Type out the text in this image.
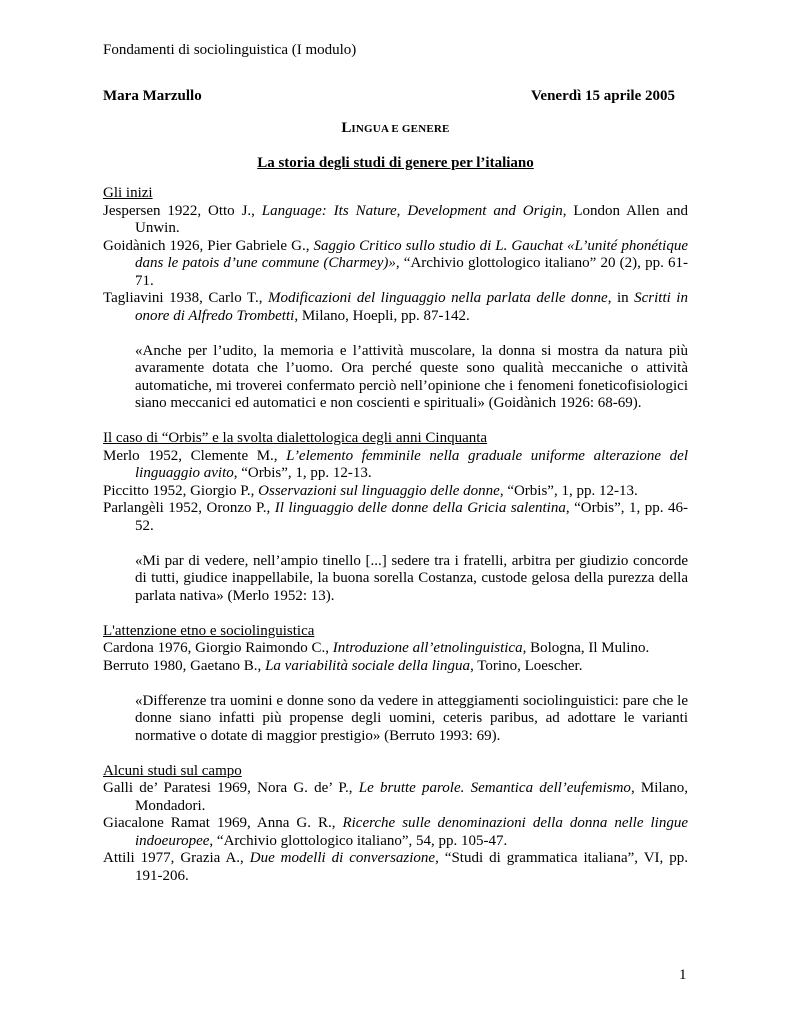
Fondamenti di sociolinguistica (I modulo)
Mara Marzullo	Venerdì 15 aprile 2005
LINGUA E GENERE
La storia degli studi di genere per l’italiano

Gli inizi

Jespersen 1922, Otto J., Language: Its Nature, Development and Origin, London Allen and Unwin.

Goidànich 1926, Pier Gabriele G., Saggio Critico sullo studio di L. Gauchat «L’unité phonétique dans le patois d’une commune (Charmey)», “Archivio glottologico italiano” 20 (2), pp. 61-71.

Tagliavini 1938, Carlo T., Modificazioni del linguaggio nella parlata delle donne, in Scritti in onore di Alfredo Trombetti, Milano, Hoepli, pp. 87-142.

«Anche per l’udito, la memoria e l’attività muscolare, la donna si mostra da natura più avaramente dotata che l’uomo. Ora perché queste sono qualità meccaniche o attività automatiche, mi troverei confermato perciò nell’opinione che i fenomeni foneticofisiologici siano meccanici ed automatici e non coscienti e spirituali» (Goidànich 1926: 68-69).

Il caso di “Orbis” e la svolta dialettologica degli anni Cinquanta

Merlo 1952, Clemente M., L’elemento femminile nella graduale uniforme alterazione del linguaggio avito, “Orbis”, 1, pp. 12-13.

Piccitto 1952, Giorgio P., Osservazioni sul linguaggio delle donne, “Orbis”, 1, pp. 12-13.

Parlangèli 1952, Oronzo P., Il linguaggio delle donne della Gricia salentina, “Orbis”, 1, pp. 46-52.

«Mi par di vedere, nell’ampio tinello [...] sedere tra i fratelli, arbitra per giudizio concorde di tutti, giudice inappellabile, la buona sorella Costanza, custode gelosa della purezza della parlata nativa» (Merlo 1952: 13).

L'attenzione etno e sociolinguistica

Cardona 1976, Giorgio Raimondo C., Introduzione all’etnolinguistica, Bologna, Il Mulino.

Berruto 1980, Gaetano B., La variabilità sociale della lingua, Torino, Loescher.

«Differenze tra uomini e donne sono da vedere in atteggiamenti sociolinguistici: pare che le donne siano infatti più propense degli uomini, ceteris paribus, ad adottare le varianti normative o dotate di maggior prestigio» (Berruto 1993: 69).

Alcuni studi sul campo

Galli de’ Paratesi 1969, Nora G. de’ P., Le brutte parole. Semantica dell’eufemismo, Milano, Mondadori.

Giacalone Ramat 1969, Anna G. R., Ricerche sulle denominazioni della donna nelle lingue indoeuropee, “Archivio glottologico italiano”, 54, pp. 105-47.

Attili 1977, Grazia A., Due modelli di conversazione, “Studi di grammatica italiana”, VI, pp. 191-206.

1
